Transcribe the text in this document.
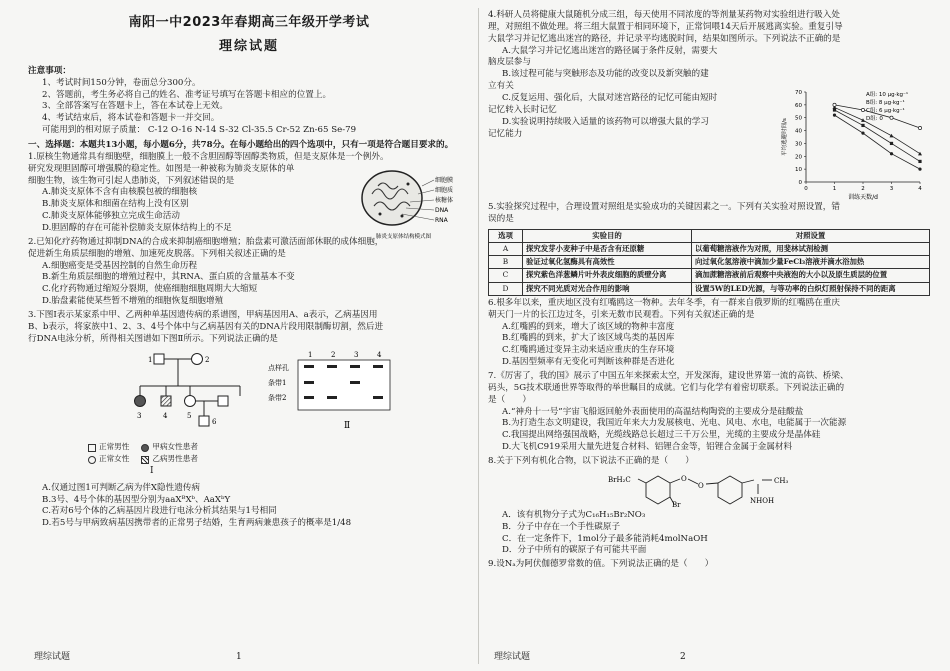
南阳一中2023年春期高三年级开学考试
理综试题

注意事项：

1、考试时间150分钟，卷面总分300分。

2、答题前，考生务必将自己的姓名、准考证号填写在答题卡相应的位置上。

3、全部答案写在答题卡上，答在本试卷上无效。

4、考试结束后，将本试卷和答题卡一并交回。

可能用到的相对原子质量： C-12 O-16 N-14 S-32 Cl-35.5 Cr-52 Zn-65 Se-79

一、选择题：本题共13小题，每小题6分，共78分。在每小题给出的四个选项中，只有一项是符合题目要求的。

1.原核生物通常具有细胞壁，细胞膜上一般不含胆固醇等固醇类物质，但是支原体是一个例外。

研究发现胆固醇可增强膜的稳定性。如图是一种被称为肺炎支原体的单

细胞生物，该生物可引起人患肺炎，下列叙述错误的是

A.肺炎支原体不含有由核膜包被的细胞核

B.肺炎支原体和细菌在结构上没有区别

C.肺炎支原体能够独立完成生命活动

D.胆固醇的存在可能补偿肺炎支原体结构上的不足

细胞膜
细胞质
核糖体
DNA
RNA
肺炎支原体结构模式图

2.已知化疗药物通过抑制DNA的合成来抑制癌细胞增殖；胎盘素可激活面部休眠的成体细胞，

促进新生角质层细胞的增殖、加速死皮脱落。下列相关叙述正确的是

A.细胞癌变是受基因控制的自然生命历程

B.新生角质层细胞的增殖过程中，其RNA、蛋白质的含量基本不变

C.化疗药物通过缩短分裂期，使癌细胞细胞周期大大缩短

D.胎盘素能使某些暂不增殖的细胞恢复细胞增殖

3.下图Ⅰ表示某家系中甲、乙两种单基因遗传病的系谱图，甲病基因用A、a表示，乙病基因用

B、b表示，将家族中1、2、3、4号个体中与乙病基因有关的DNA片段用限制酶切割，然后进

行DNA电泳分析，所得相关图谱如下图Ⅱ所示。下列说法正确的是

3	4	5
6
1	2
1	2	3	4
点样孔
条带1
条带2
Ⅱ
正常男性	甲病女性患者
正常女性	乙病男性患者
Ⅰ

A.仅通过图1可判断乙病为伴X隐性遗传病

B.3号、4号个体的基因型分别为aaXᴮXᵇ、AaXᵇY

C.若对6号个体的乙病基因片段进行电泳分析其结果与1号相同

D.若5号与甲病致病基因携带者的正常男子结婚，生育两病兼患孩子的概率是1/48

理综试题	1

4.科研人员将健康大鼠随机分成三组，每天使用不同浓度的等剂量某药物对实验组进行吸入处

理，对照组不做处理。将三组大鼠置于相同环境下，正常饲喂14天后开展逃离实验。重复引导

大鼠学习并记忆逃出迷宫的路径，并记录平均逃脱时间，结果如图所示。下列说法不正确的是

A.大鼠学习并记忆逃出迷宫的路径属于条件反射，需要大

脑皮层参与

B.该过程可能与突触形态及功能的改变以及新突触的建

立有关

C.反复运用、强化后，大鼠对迷宫路径的记忆可能由短时

记忆转入长时记忆

D.实验说明持续吸入适量的该药物可以增强大鼠的学习

记忆能力

0
10
20
30
40
50
60
70
0	1	2	3	4
训练天数/d
平均逃避时间/s
A组: 10 μg·kg⁻¹
B组: 8 μg·kg⁻¹
C组: 6 μg·kg⁻¹
D组: 0

5.实验探究过程中，合理设置对照组是实验成功的关键因素之一。下列有关实验对照设置，错

误的是

选项	实验目的	对照设置
A	探究发芽小麦种子中是否含有还原糖	以葡萄糖溶液作为对照，用斐林试剂检测
B	验证过氧化氢酶具有高效性	向过氧化氢溶液中滴加少量FeCl₃溶液并滴水浴加热
C	探究紫色洋葱鳞片叶外表皮细胞的质壁分离	滴加蔗糖溶液前后观察中央液泡的大小以及原生质层的位置
D	探究不同光质对光合作用的影响	设置5W的LED光源，与等功率的白炽灯照射保持不同的距离

6.根多年以来，重庆地区没有红嘴鸥这一物种。去年冬季，有一群来自俄罗斯的红嘴鸥在重庆

朝天门一片的长江边过冬，引来无数市民观看。下列有关叙述正确的是

A.红嘴鸥的到来，增大了该区域的物种丰富度

B.红嘴鸥的到来，扩大了该区域鸟类的基因库

C.红嘴鸥通过变异主动来适应重庆的生存环境

D.基因型频率有无变化可判断该种群是否进化

7.《厉害了，我的国》展示了中国五年来探索太空，开发深海，建设世界第一流的高铁、桥梁、

码头，5G技术联通世界等取得的举世瞩目的成就。它们与化学有着密切联系。下列说法正确的

是（　　）

A.“神舟十一号”宇宙飞船返回舱外表面使用的高温结构陶瓷的主要成分是硅酸盐

B.为打造生态文明建设，我国近年来大力发展核电、光电、风电、水电，电能属于一次能源

C.我国提出网络强国战略，光缆线路总长超过三千万公里，光缆的主要成分是晶体硅

D.大飞机C919采用大量先进复合材料、铝锂合金等，铝锂合金属于金属材料

8.关于下列有机化合物，以下说法不正确的是（　　）

BrH₂C
Br
O
O
CH₃
NHOH

A．该有机物分子式为C₁₆H₁₅Br₂NO₃

B．分子中存在一个手性碳原子

C．在一定条件下，1mol分子最多能消耗4molNaOH

D．分子中所有的碳原子有可能共平面

9.设Nₐ为阿伏伽德罗常数的值。下列说法正确的是（　　）

理综试题	2
